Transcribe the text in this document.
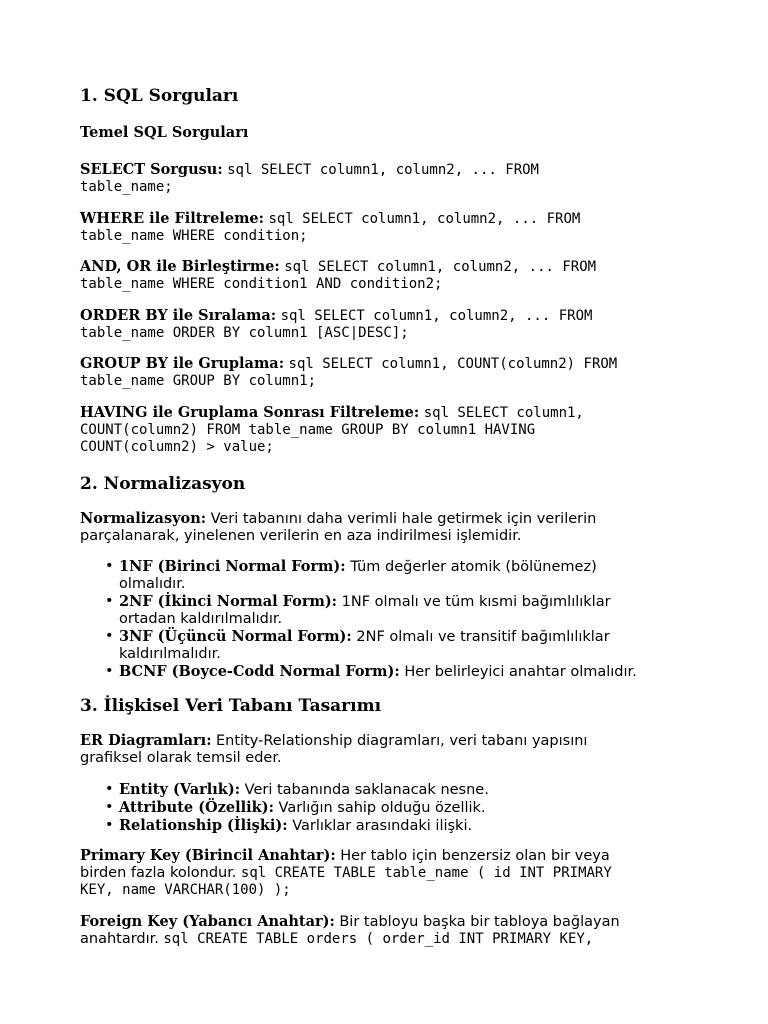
1. SQL Sorguları
Temel SQL Sorguları
SELECT Sorgusu: sql SELECT column1, column2, ... FROM
table_name;
WHERE ile Filtreleme: sql SELECT column1, column2, ... FROM
table_name WHERE condition;
AND, OR ile Birleştirme: sql SELECT column1, column2, ... FROM
table_name WHERE condition1 AND condition2;
ORDER BY ile Sıralama: sql SELECT column1, column2, ... FROM
table_name ORDER BY column1 [ASC|DESC];
GROUP BY ile Gruplama: sql SELECT column1, COUNT(column2) FROM
table_name GROUP BY column1;
HAVING ile Gruplama Sonrası Filtreleme: sql SELECT column1,
COUNT(column2) FROM table_name GROUP BY column1 HAVING
COUNT(column2) > value;
2. Normalizasyon
Normalizasyon: Veri tabanını daha verimli hale getirmek için verilerin
parçalanarak, yinelenen verilerin en aza indirilmesi işlemidir.
• 1NF (Birinci Normal Form): Tüm değerler atomik (bölünemez)
olmalıdır.
• 2NF (İkinci Normal Form): 1NF olmalı ve tüm kısmi bağımlılıklar
ortadan kaldırılmalıdır.
• 3NF (Üçüncü Normal Form): 2NF olmalı ve transitif bağımlılıklar
kaldırılmalıdır.
• BCNF (Boyce-Codd Normal Form): Her belirleyici anahtar olmalıdır.
3. İlişkisel Veri Tabanı Tasarımı
ER Diagramları: Entity-Relationship diagramları, veri tabanı yapısını
grafiksel olarak temsil eder.
• Entity (Varlık): Veri tabanında saklanacak nesne.
• Attribute (Özellik): Varlığın sahip olduğu özellik.
• Relationship (İlişki): Varlıklar arasındaki ilişki.
Primary Key (Birincil Anahtar): Her tablo için benzersiz olan bir veya
birden fazla kolondur. sql CREATE TABLE table_name ( id INT PRIMARY
KEY, name VARCHAR(100) );
Foreign Key (Yabancı Anahtar): Bir tabloyu başka bir tabloya bağlayan
anahtardır. sql CREATE TABLE orders ( order_id INT PRIMARY KEY,
